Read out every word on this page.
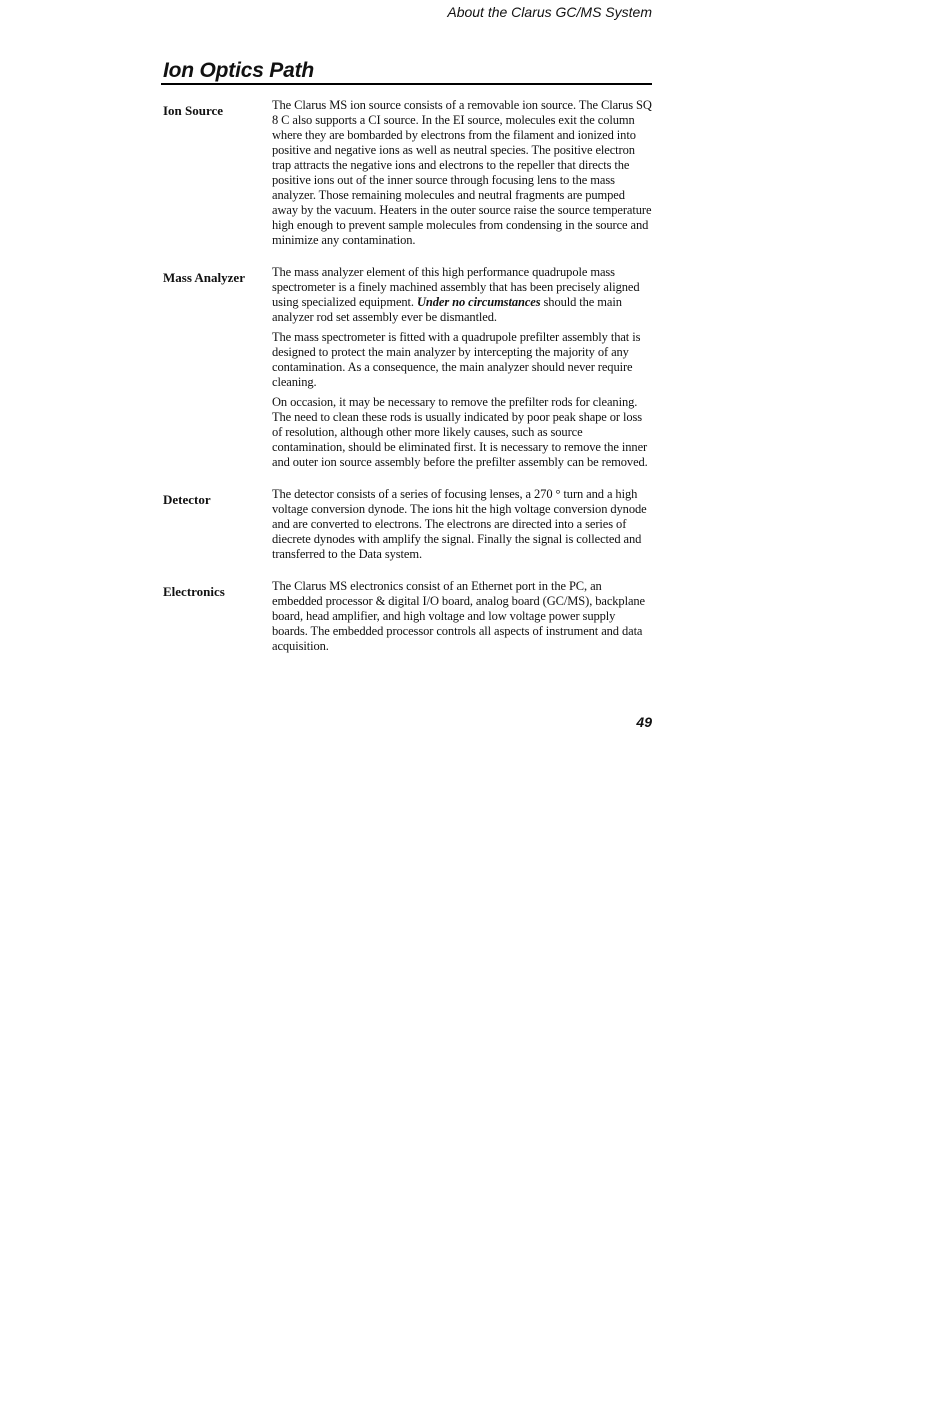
About the Clarus GC/MS System
Ion Optics Path
Ion Source	The Clarus MS ion source consists of a removable ion source. The Clarus SQ 8 C also supports a CI source. In the EI source, molecules exit the column where they are bombarded by electrons from the filament and ionized into positive and negative ions as well as neutral species. The positive electron trap attracts the negative ions and electrons to the repeller that directs the positive ions out of the inner source through focusing lens to the mass analyzer. Those remaining molecules and neutral fragments are pumped away by the vacuum. Heaters in the outer source raise the source temperature high enough to prevent sample molecules from condensing in the source and minimize any contamination.

Mass Analyzer	The mass analyzer element of this high performance quadrupole mass spectrometer is a finely machined assembly that has been precisely aligned using specialized equipment. Under no circumstances should the main analyzer rod set assembly ever be dismantled.

The mass spectrometer is fitted with a quadrupole prefilter assembly that is designed to protect the main analyzer by intercepting the majority of any contamination. As a consequence, the main analyzer should never require cleaning.

On occasion, it may be necessary to remove the prefilter rods for cleaning. The need to clean these rods is usually indicated by poor peak shape or loss of resolution, although other more likely causes, such as source contamination, should be eliminated first. It is necessary to remove the inner and outer ion source assembly before the prefilter assembly can be removed.

Detector	The detector consists of a series of focusing lenses, a 270 ° turn and a high voltage conversion dynode. The ions hit the high voltage conversion dynode and are converted to electrons. The electrons are directed into a series of diecrete dynodes with amplify the signal. Finally the signal is collected and transferred to the Data system.

Electronics	The Clarus MS electronics consist of an Ethernet port in the PC, an embedded processor & digital I/O board, analog board (GC/MS), backplane board, head amplifier, and high voltage and low voltage power supply boards. The embedded processor controls all aspects of instrument and data acquisition.

49
